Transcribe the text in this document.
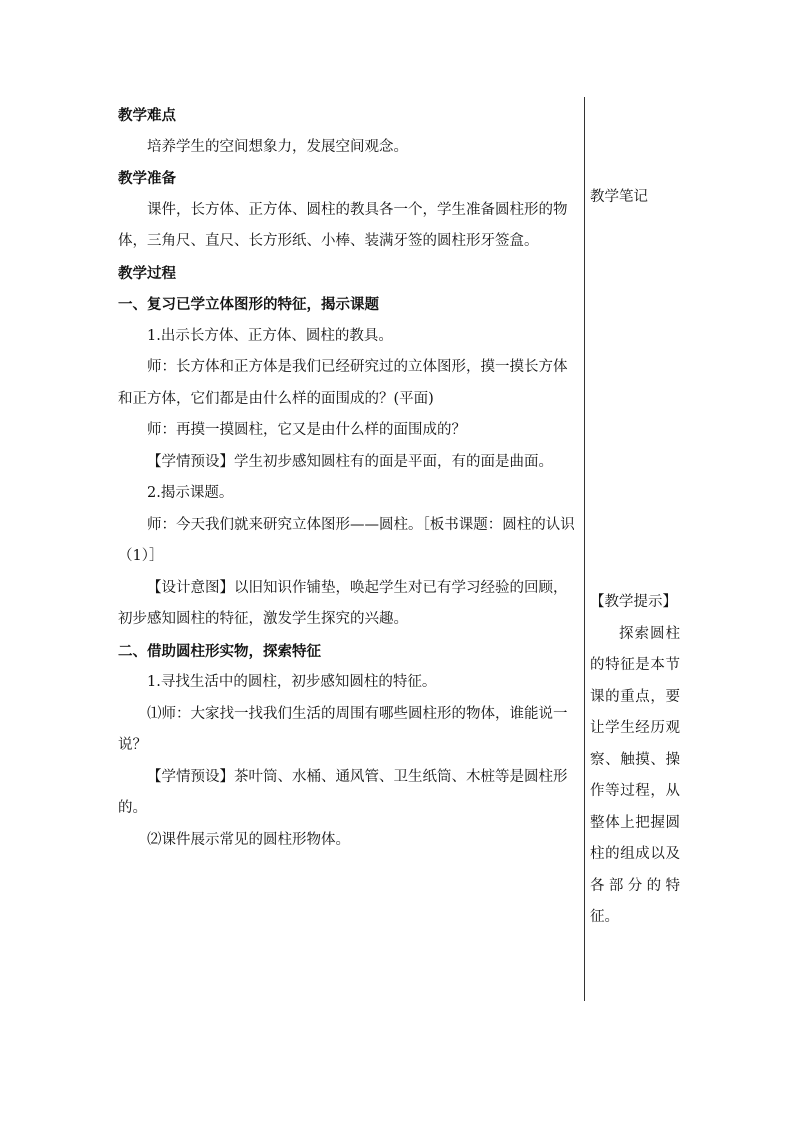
教学难点

培养学生的空间想象力，发展空间观念。

教学准备

课件，长方体、正方体、圆柱的教具各一个，学生准备圆柱形的物体，三角尺、直尺、长方形纸、小棒、装满牙签的圆柱形牙签盒。

教学过程

一、复习已学立体图形的特征，揭示课题

1.出示长方体、正方体、圆柱的教具。

师：长方体和正方体是我们已经研究过的立体图形，摸一摸长方体和正方体，它们都是由什么样的面围成的？(平面)

师：再摸一摸圆柱，它又是由什么样的面围成的？

【学情预设】学生初步感知圆柱有的面是平面，有的面是曲面。

2.揭示课题。

师：今天我们就来研究立体图形——圆柱。［板书课题：圆柱的认识（1）］

【设计意图】以旧知识作铺垫，唤起学生对已有学习经验的回顾，初步感知圆柱的特征，激发学生探究的兴趣。

二、借助圆柱形实物，探索特征

1.寻找生活中的圆柱，初步感知圆柱的特征。

⑴师：大家找一找我们生活的周围有哪些圆柱形的物体，谁能说一说？

【学情预设】茶叶筒、水桶、通风管、卫生纸筒、木桩等是圆柱形的。

⑵课件展示常见的圆柱形物体。

教学笔记

【教学提示】

探索圆柱的特征是本节课的重点，要让学生经历观察、触摸、操作等过程，从整体上把握圆柱的组成以及各部分的特征。
